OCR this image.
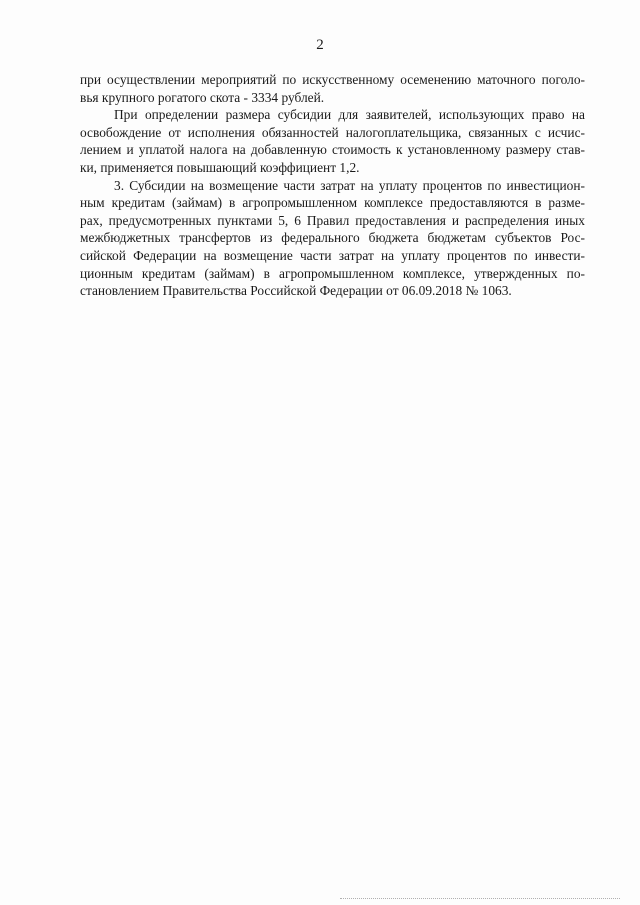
2
при осуществлении мероприятий по искусственному осеменению маточного поголо-
вья крупного рогатого скота - 3334 рублей.
При определении размера субсидии для заявителей, использующих право на
освобождение от исполнения обязанностей налогоплательщика, связанных с исчис-
лением и уплатой налога на добавленную стоимость к установленному размеру став-
ки, применяется повышающий коэффициент 1,2.
3. Субсидии на возмещение части затрат на уплату процентов по инвестицион-
ным кредитам (займам) в агропромышленном комплексе предоставляются в разме-
рах, предусмотренных пунктами 5, 6 Правил предоставления и распределения иных
межбюджетных трансфертов из федерального бюджета бюджетам субъектов Рос-
сийской Федерации на возмещение части затрат на уплату процентов по инвести-
ционным кредитам (займам) в агропромышленном комплексе, утвержденных по-
становлением Правительства Российской Федерации от 06.09.2018 № 1063.
